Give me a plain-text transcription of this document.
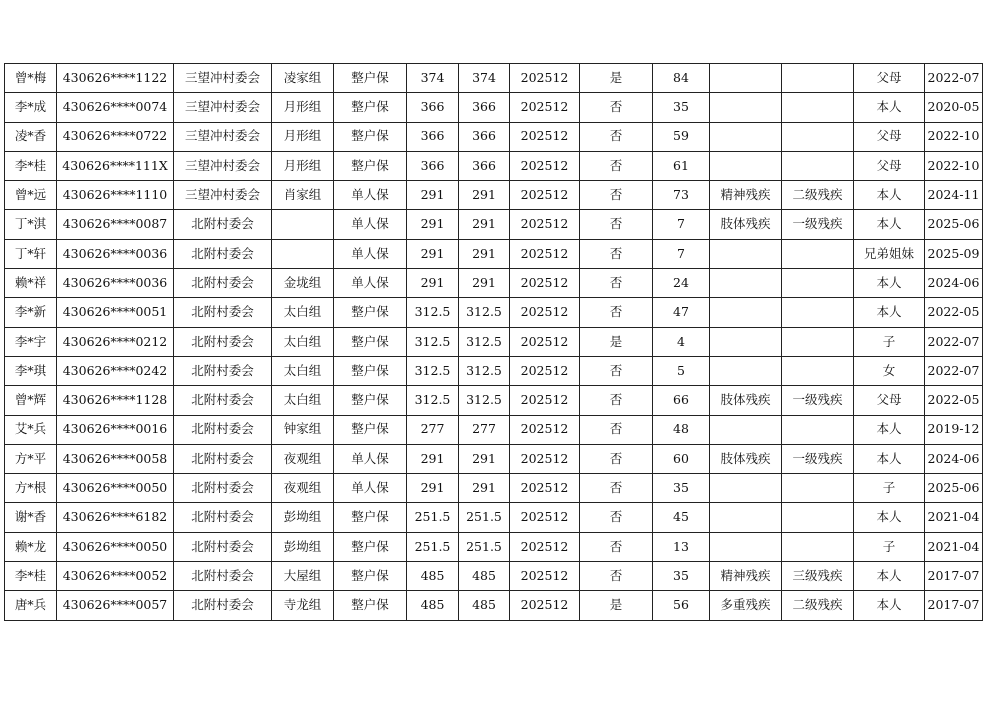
曾*梅	430626****1122	三望冲村委会	凌家组	整户保	374	374	202512	是	84			父母	2022-07
李*成	430626****0074	三望冲村委会	月形组	整户保	366	366	202512	否	35			本人	2020-05
凌*香	430626****0722	三望冲村委会	月形组	整户保	366	366	202512	否	59			父母	2022-10
李*桂	430626****111X	三望冲村委会	月形组	整户保	366	366	202512	否	61			父母	2022-10
曾*远	430626****1110	三望冲村委会	肖家组	单人保	291	291	202512	否	73	精神残疾	二级残疾	本人	2024-11
丁*淇	430626****0087	北附村委会		单人保	291	291	202512	否	7	肢体残疾	一级残疾	本人	2025-06
丁*轩	430626****0036	北附村委会		单人保	291	291	202512	否	7			兄弟姐妹	2025-09
赖*祥	430626****0036	北附村委会	金垅组	单人保	291	291	202512	否	24			本人	2024-06
李*新	430626****0051	北附村委会	太白组	整户保	312.5	312.5	202512	否	47			本人	2022-05
李*宇	430626****0212	北附村委会	太白组	整户保	312.5	312.5	202512	是	4			子	2022-07
李*琪	430626****0242	北附村委会	太白组	整户保	312.5	312.5	202512	否	5			女	2022-07
曾*辉	430626****1128	北附村委会	太白组	整户保	312.5	312.5	202512	否	66	肢体残疾	一级残疾	父母	2022-05
艾*兵	430626****0016	北附村委会	钟家组	整户保	277	277	202512	否	48			本人	2019-12
方*平	430626****0058	北附村委会	夜观组	单人保	291	291	202512	否	60	肢体残疾	一级残疾	本人	2024-06
方*根	430626****0050	北附村委会	夜观组	单人保	291	291	202512	否	35			子	2025-06
谢*香	430626****6182	北附村委会	彭坳组	整户保	251.5	251.5	202512	否	45			本人	2021-04
赖*龙	430626****0050	北附村委会	彭坳组	整户保	251.5	251.5	202512	否	13			子	2021-04
李*桂	430626****0052	北附村委会	大屋组	整户保	485	485	202512	否	35	精神残疾	三级残疾	本人	2017-07
唐*兵	430626****0057	北附村委会	寺龙组	整户保	485	485	202512	是	56	多重残疾	二级残疾	本人	2017-07
